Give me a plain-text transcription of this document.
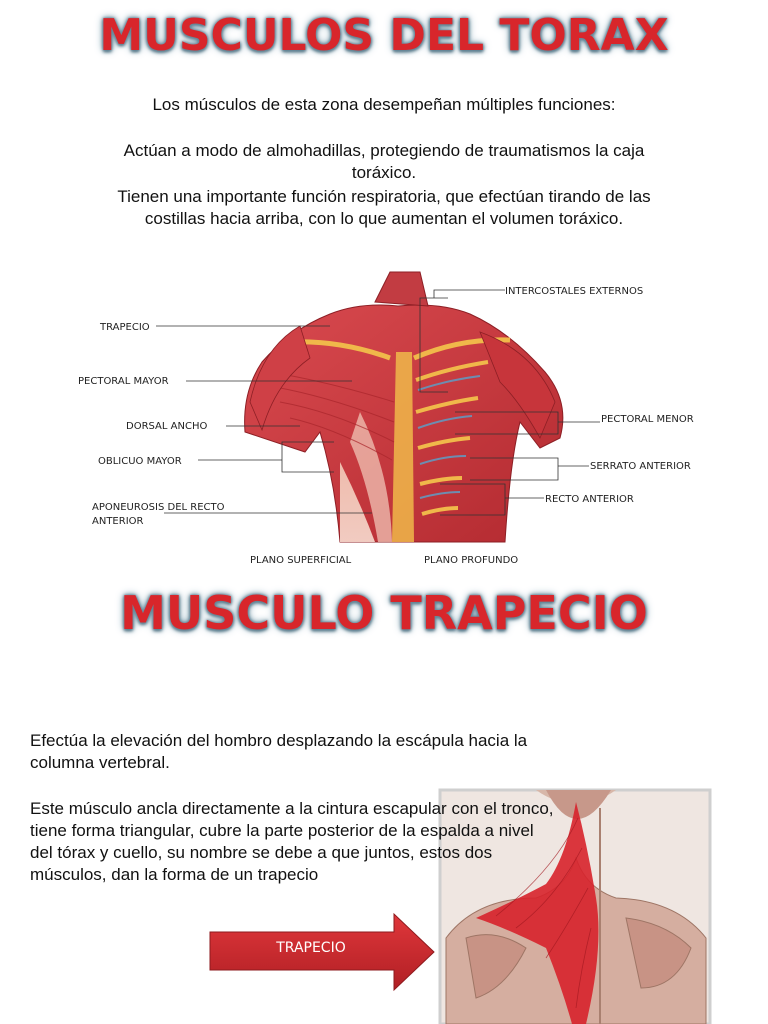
MUSCULOS DEL TORAX
Los músculos de esta zona desempeñan múltiples funciones:
Actúan a modo de almohadillas, protegiendo de traumatismos la caja toráxico.
Tienen una importante función respiratoria, que efectúan tirando de las costillas hacia arriba, con lo que aumentan el volumen toráxico.
TRAPECIO
PECTORAL MAYOR
DORSAL ANCHO
OBLICUO MAYOR
APONEUROSIS DEL RECTO
ANTERIOR
INTERCOSTALES EXTERNOS
PECTORAL MENOR
SERRATO ANTERIOR
RECTO ANTERIOR
PLANO SUPERFICIAL	PLANO PROFUNDO
MUSCULO TRAPECIO
Efectúa la elevación del hombro desplazando la escápula hacia la columna vertebral.
Este músculo ancla directamente a la cintura escapular con el tronco, tiene forma triangular, cubre la parte posterior de la espalda a nivel del tórax y cuello, su nombre se debe a que juntos, estos dos músculos, dan la forma de un trapecio
TRAPECIO
